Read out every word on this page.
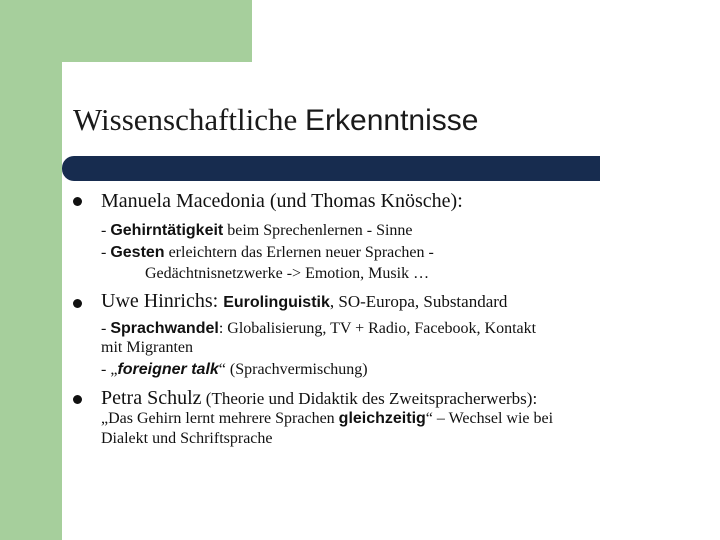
Wissenschaftliche Erkenntnisse
Manuela Macedonia (und Thomas Knösche):
- Gehirntätigkeit beim Sprechenlernen - Sinne
- Gesten erleichtern das Erlernen neuer Sprachen -
Gedächtnisnetzwerke -> Emotion, Musik …
Uwe Hinrichs: Eurolinguistik, SO-Europa, Substandard
- Sprachwandel: Globalisierung, TV + Radio, Facebook, Kontakt
mit Migranten
- „foreigner talk“ (Sprachvermischung)
Petra Schulz (Theorie und Didaktik des Zweitspracherwerbs):
„Das Gehirn lernt mehrere Sprachen gleichzeitig“ – Wechsel wie bei
Dialekt und Schriftsprache
